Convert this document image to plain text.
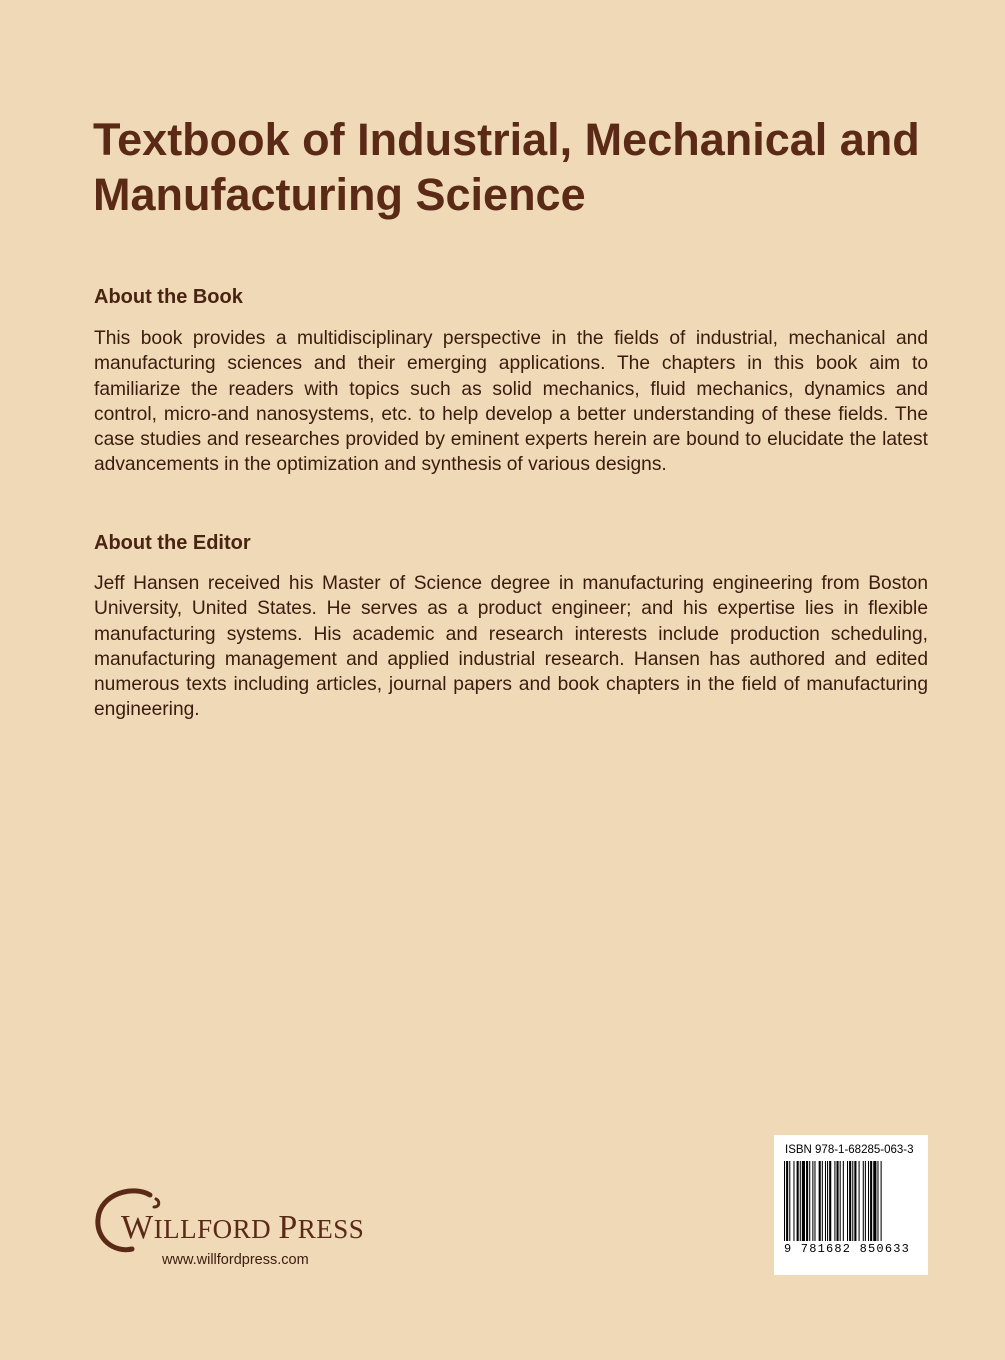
Textbook of Industrial, Mechanical and Manufacturing Science
About the Book

This book provides a multidisciplinary perspective in the fields of industrial, mechanical and manufacturing sciences and their emerging applications. The chapters in this book aim to familiarize the readers with topics such as solid mechanics, fluid mechanics, dynamics and control, micro-and nanosystems, etc. to help develop a better understanding of these fields. The case studies and researches provided by eminent experts herein are bound to elucidate the latest advancements in the optimization and synthesis of various designs.

About the Editor

Jeff Hansen received his Master of Science degree in manufacturing engineering from Boston University, United States. He serves as a product engineer; and his expertise lies in flexible manufacturing systems. His academic and research interests include production scheduling, manufacturing management and applied industrial research. Hansen has authored and edited numerous texts including articles, journal papers and book chapters in the field of manufacturing engineering.

WILLFORD PRESS
www.willfordpress.com
ISBN 978-1-68285-063-3
9 781682 850633
